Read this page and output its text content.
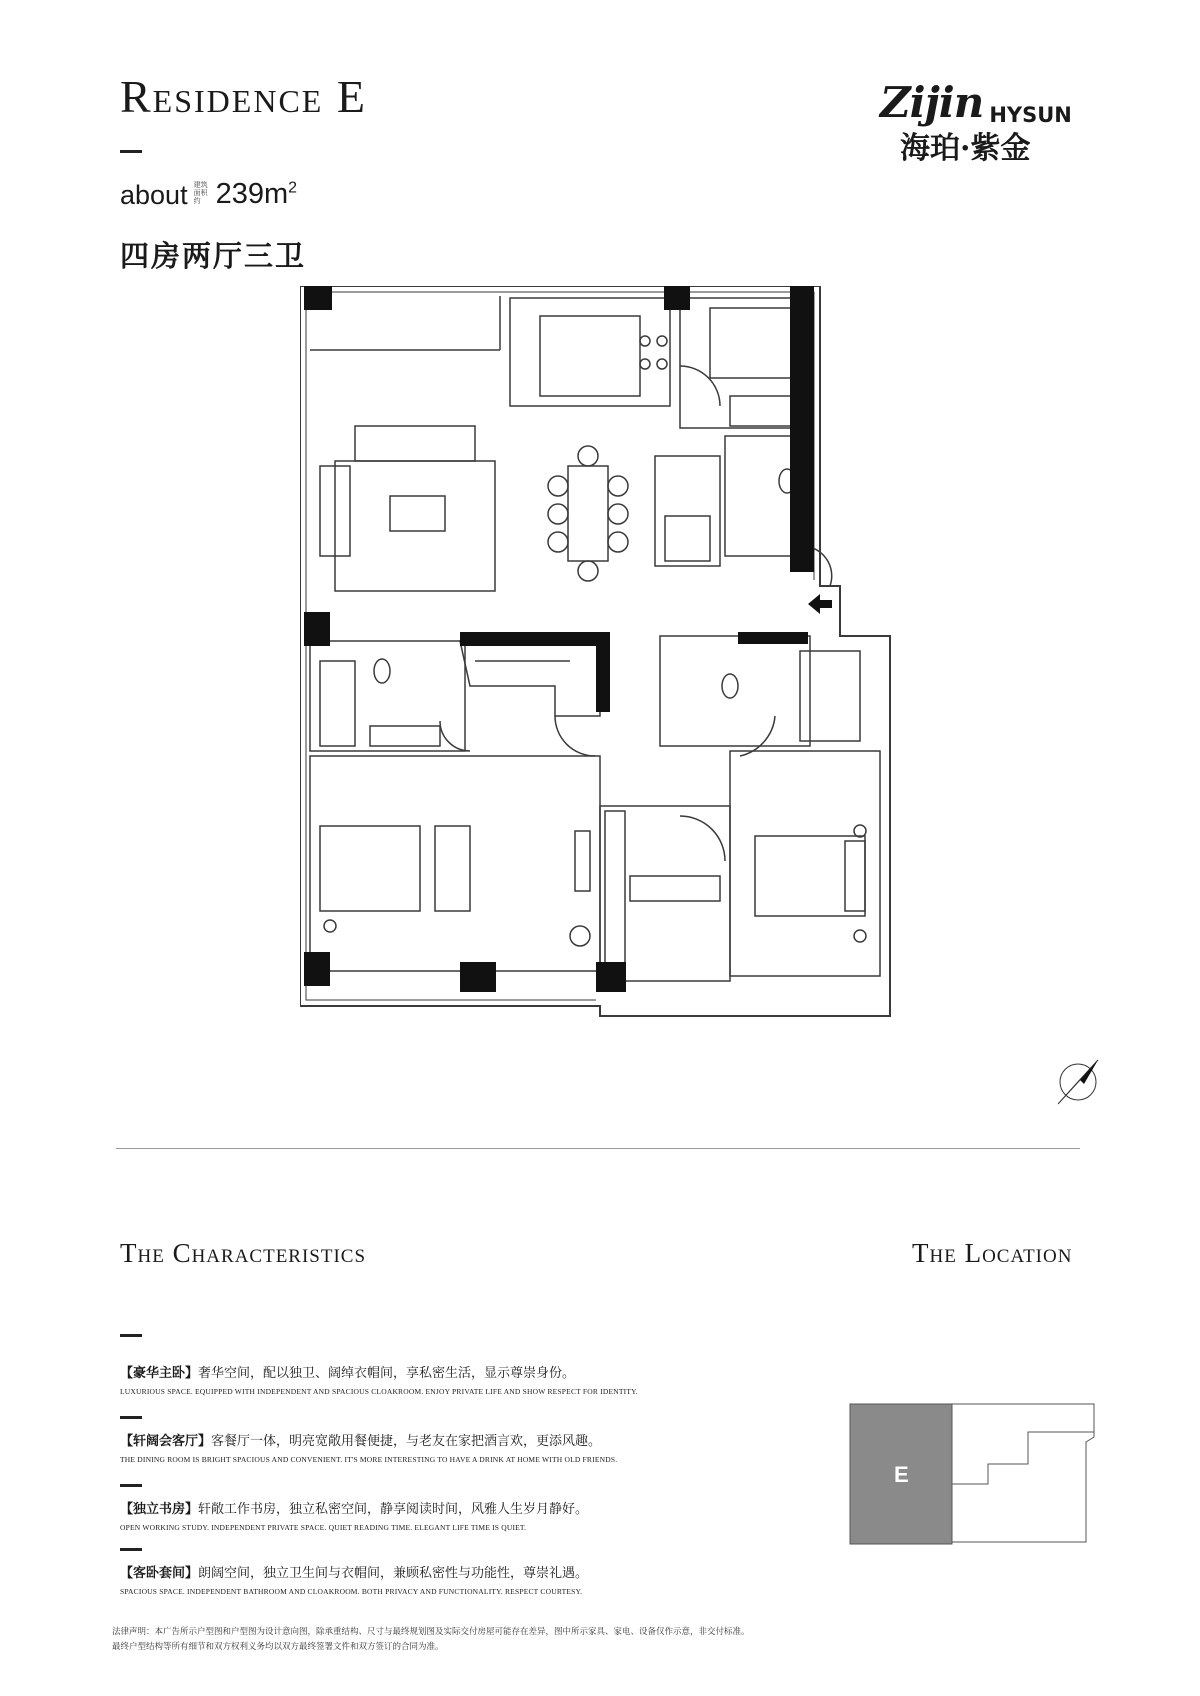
Residence E
about 建筑面积约 $239m^2$
四房两厅三卫
Zijin HYSUN
海珀·紫金
The Characteristics	The Location
【豪华主卧】奢华空间，配以独卫、阔绰衣帽间，享私密生活，显示尊崇身份。
LUXURIOUS SPACE. EQUIPPED WITH INDEPENDENT AND SPACIOUS CLOAKROOM. ENJOY PRIVATE LIFE AND SHOW RESPECT FOR IDENTITY.
【轩阔会客厅】客餐厅一体，明亮宽敞用餐便捷，与老友在家把酒言欢，更添风趣。
THE DINING ROOM IS BRIGHT SPACIOUS AND CONVENIENT. IT'S MORE INTERESTING TO HAVE A DRINK AT HOME WITH OLD FRIENDS.
【独立书房】轩敞工作书房，独立私密空间，静享阅读时间，风雅人生岁月静好。
OPEN WORKING STUDY. INDEPENDENT PRIVATE SPACE. QUIET READING TIME. ELEGANT LIFE TIME IS QUIET.
【客卧套间】朗阔空间，独立卫生间与衣帽间，兼顾私密性与功能性，尊崇礼遇。
SPACIOUS SPACE. INDEPENDENT BATHROOM AND CLOAKROOM. BOTH PRIVACY AND FUNCTIONALITY. RESPECT COURTESY.
E
法律声明：本广告所示户型图和户型图为设计意向图，除承重结构、尺寸与最终规划图及实际交付房屋可能存在差异，图中所示家具、家电、设备仅作示意，非交付标准。
最终户型结构等所有细节和双方权利义务均以双方最终签署文件和双方签订的合同为准。
